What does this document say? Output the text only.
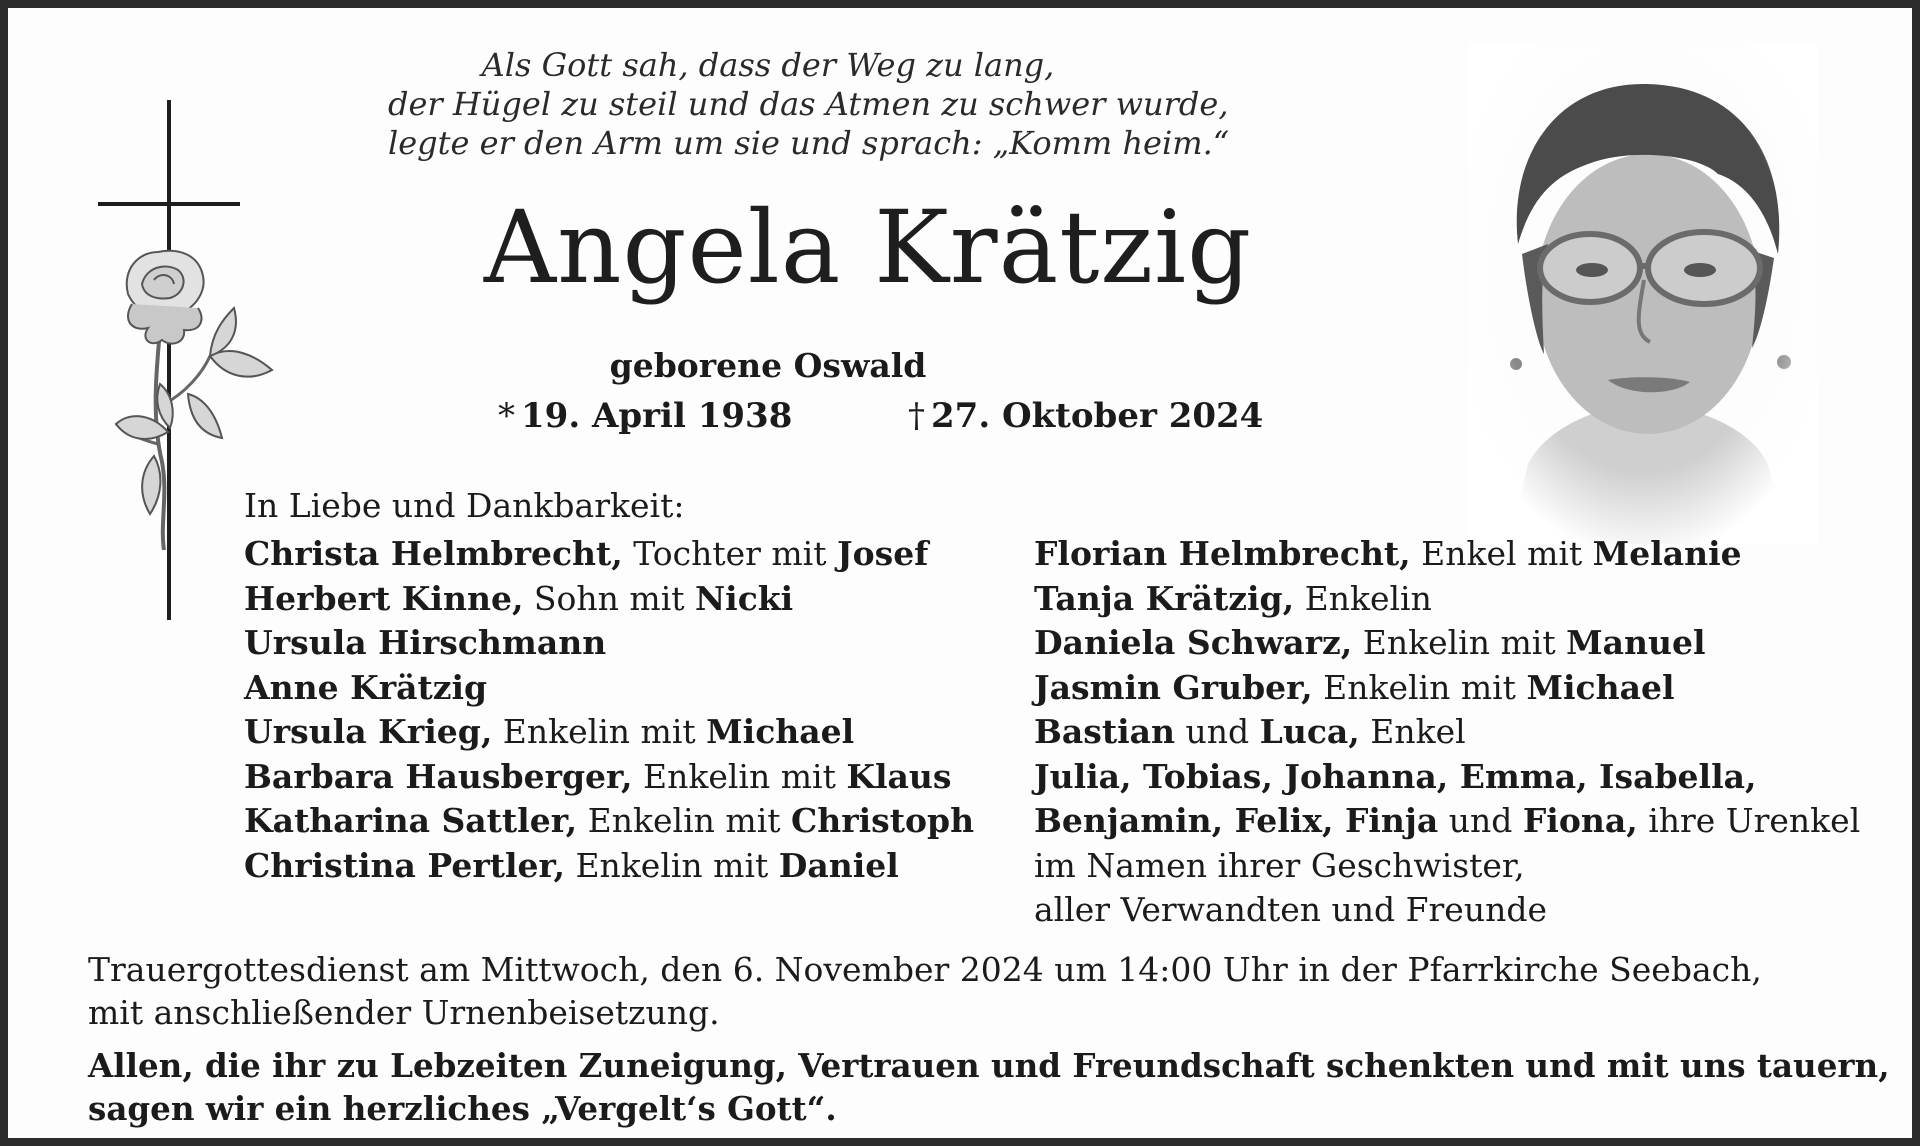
Als Gott sah, dass der Weg zu lang,
der Hügel zu steil und das Atmen zu schwer wurde,
legte er den Arm um sie und sprach: „Komm heim.“
Angela Krätzig
geborene Oswald
* 19. April 1938	† 27. Oktober 2024
In Liebe und Dankbarkeit:
Christa Helmbrecht, Tochter mit Josef
Herbert Kinne, Sohn mit Nicki
Ursula Hirschmann
Anne Krätzig
Ursula Krieg, Enkelin mit Michael
Barbara Hausberger, Enkelin mit Klaus
Katharina Sattler, Enkelin mit Christoph
Christina Pertler, Enkelin mit Daniel
Florian Helmbrecht, Enkel mit Melanie
Tanja Krätzig, Enkelin
Daniela Schwarz, Enkelin mit Manuel
Jasmin Gruber, Enkelin mit Michael
Bastian und Luca, Enkel
Julia, Tobias, Johanna, Emma, Isabella,
Benjamin, Felix, Finja und Fiona, ihre Urenkel
im Namen ihrer Geschwister,
aller Verwandten und Freunde
Trauergottesdienst am Mittwoch, den 6. November 2024 um 14:00 Uhr in der Pfarrkirche Seebach,
mit anschließender Urnenbeisetzung.
Allen, die ihr zu Lebzeiten Zuneigung, Vertrauen und Freundschaft schenkten und mit uns tauern,
sagen wir ein herzliches „Vergelt‘s Gott“.
